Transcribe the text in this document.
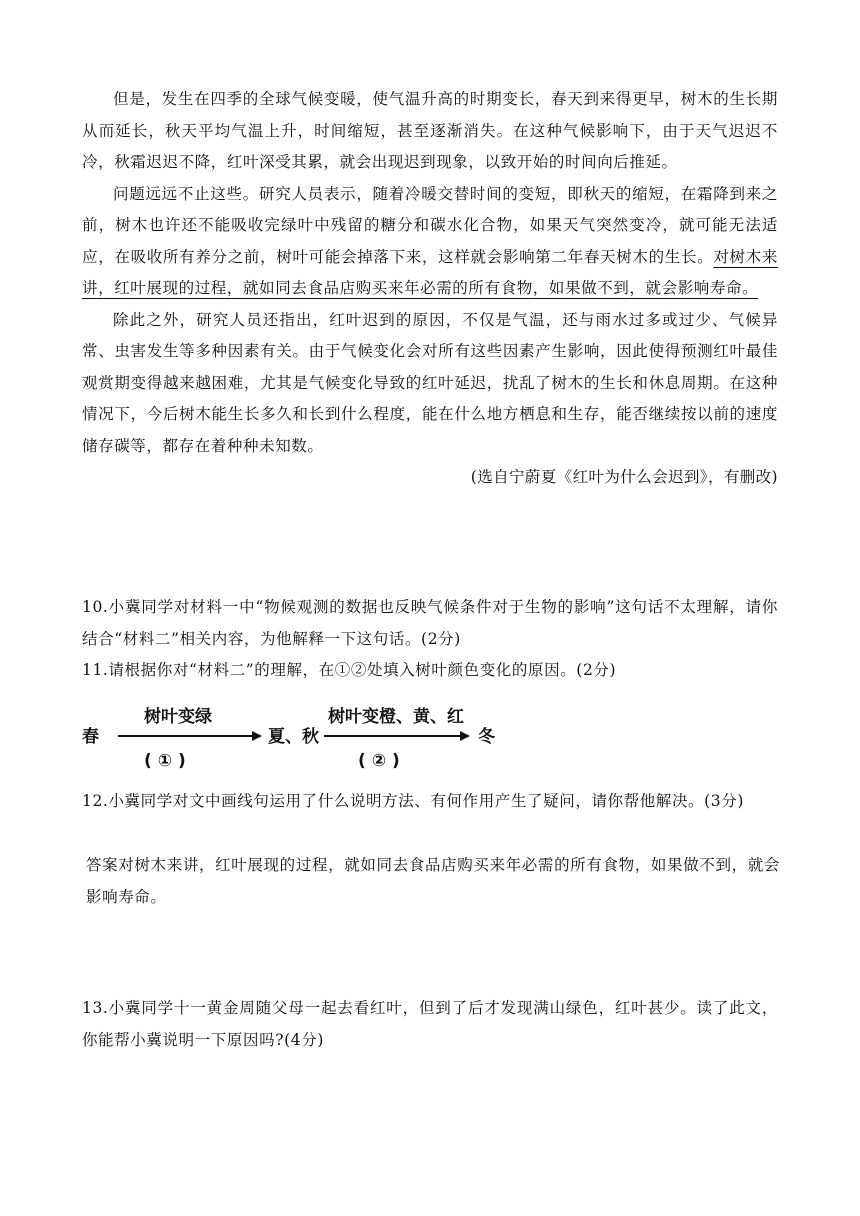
但是，发生在四季的全球气候变暖，使气温升高的时期变长，春天到来得更早，树木的生长期从而延长，秋天平均气温上升，时间缩短，甚至逐渐消失。在这种气候影响下，由于天气迟迟不冷，秋霜迟迟不降，红叶深受其累，就会出现迟到现象，以致开始的时间向后推延。

问题远远不止这些。研究人员表示，随着冷暖交替时间的变短，即秋天的缩短，在霜降到来之前，树木也许还不能吸收完绿叶中残留的糖分和碳水化合物，如果天气突然变冷，就可能无法适应，在吸收所有养分之前，树叶可能会掉落下来，这样就会影响第二年春天树木的生长。对树木来讲，红叶展现的过程，就如同去食品店购买来年必需的所有食物，如果做不到，就会影响寿命。

除此之外，研究人员还指出，红叶迟到的原因，不仅是气温，还与雨水过多或过少、气候异常、虫害发生等多种因素有关。由于气候变化会对所有这些因素产生影响，因此使得预测红叶最佳观赏期变得越来越困难，尤其是气候变化导致的红叶延迟，扰乱了树木的生长和休息周期。在这种情况下，今后树木能生长多久和长到什么程度，能在什么地方栖息和生存，能否继续按以前的速度储存碳等，都存在着种种未知数。

(选自宁蔚夏《红叶为什么会迟到》，有删改)

10.小冀同学对材料一中“物候观测的数据也反映气候条件对于生物的影响”这句话不太理解，请你结合“材料二”相关内容，为他解释一下这句话。(2分)

11.请根据你对“材料二”的理解，在①②处填入树叶颜色变化的原因。(2分)

春
树叶变绿
( ① )
夏、秋
树叶变橙、黄、红
( ② )
冬

12.小冀同学对文中画线句运用了什么说明方法、有何作用产生了疑问，请你帮他解决。(3分)

答案对树木来讲，红叶展现的过程，就如同去食品店购买来年必需的所有食物，如果做不到，就会影响寿命。

13.小冀同学十一黄金周随父母一起去看红叶，但到了后才发现满山绿色，红叶甚少。读了此文，你能帮小冀说明一下原因吗?(4分)
